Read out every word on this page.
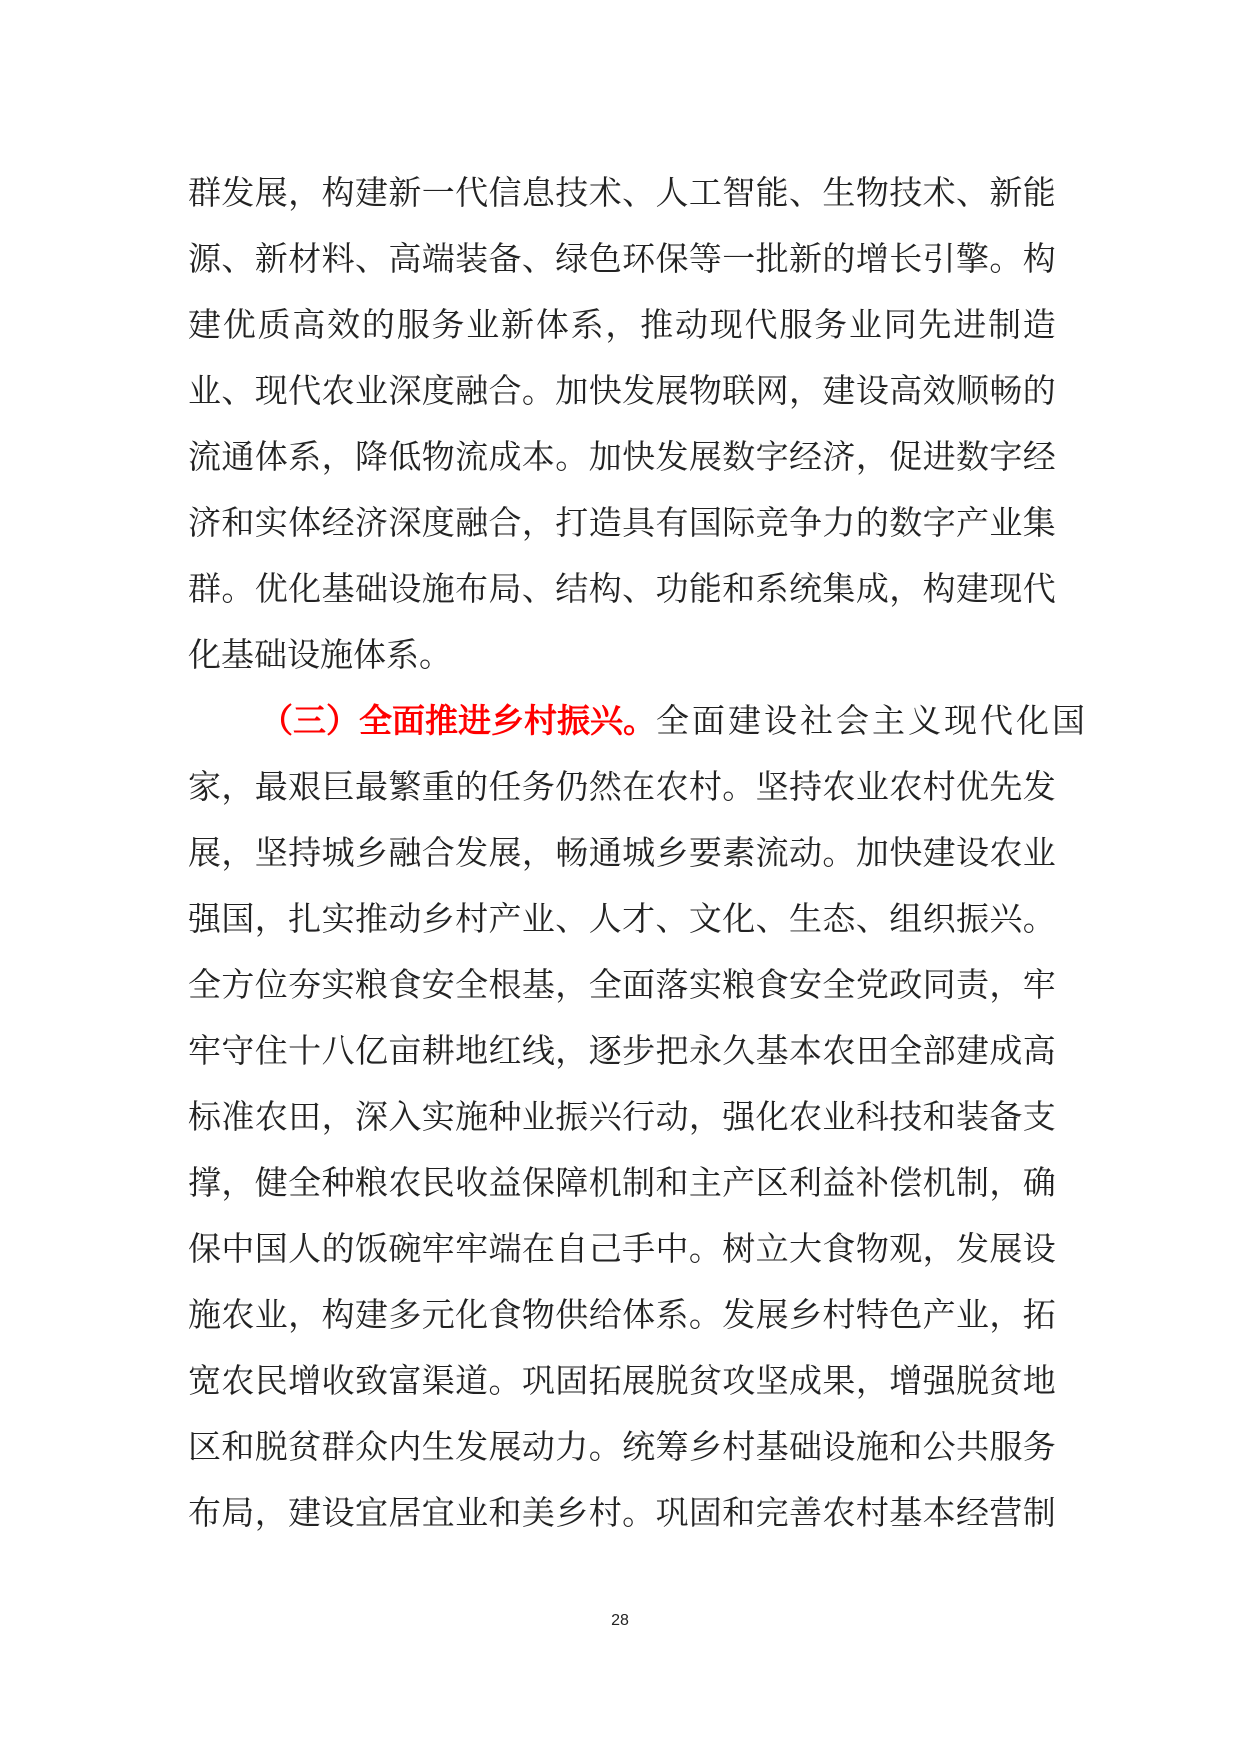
群 发 展 ， 构 建 新 一 代 信 息 技 术 、 人 工 智 能 、 生 物 技 术 、 新 能
源 、 新 材 料 、 高 端 装 备 、 绿 色 环 保 等 一 批 新 的 增 长 引 擎 。 构
建 优 质 高 效 的 服 务 业 新 体 系 ， 推 动 现 代 服 务 业 同 先 进 制 造
业 、 现 代 农 业 深 度 融 合 。 加 快 发 展 物 联 网 ， 建 设 高 效 顺 畅 的
流 通 体 系 ， 降 低 物 流 成 本 。 加 快 发 展 数 字 经 济 ， 促 进 数 字 经
济 和 实 体 经 济 深 度 融 合 ， 打 造 具 有 国 际 竞 争 力 的 数 字 产 业 集
群 。 优 化 基 础 设 施 布 局 、 结 构 、 功 能 和 系 统 集 成 ， 构 建 现 代
化基础设施体系。
（三）全面推进乡村振兴。 全面建设社会主义现代化国
家 ， 最 艰 巨 最 繁 重 的 任 务 仍 然 在 农 村 。 坚 持 农 业 农 村 优 先 发
展 ， 坚 持 城 乡 融 合 发 展 ， 畅 通 城 乡 要 素 流 动 。 加 快 建 设 农 业
强 国 ， 扎 实 推 动 乡 村 产 业 、 人 才 、 文 化 、 生 态 、 组 织 振 兴 。
全 方 位 夯 实 粮 食 安 全 根 基 ， 全 面 落 实 粮 食 安 全 党 政 同 责 ， 牢
牢 守 住 十 八 亿 亩 耕 地 红 线 ， 逐 步 把 永 久 基 本 农 田 全 部 建 成 高
标 准 农 田 ， 深 入 实 施 种 业 振 兴 行 动 ， 强 化 农 业 科 技 和 装 备 支
撑 ， 健 全 种 粮 农 民 收 益 保 障 机 制 和 主 产 区 利 益 补 偿 机 制 ， 确
保 中 国 人 的 饭 碗 牢 牢 端 在 自 己 手 中 。 树 立 大 食 物 观 ， 发 展 设
施 农 业 ， 构 建 多 元 化 食 物 供 给 体 系 。 发 展 乡 村 特 色 产 业 ， 拓
宽 农 民 增 收 致 富 渠 道 。 巩 固 拓 展 脱 贫 攻 坚 成 果 ， 增 强 脱 贫 地
区 和 脱 贫 群 众 内 生 发 展 动 力 。 统 筹 乡 村 基 础 设 施 和 公 共 服 务
布 局 ， 建 设 宜 居 宜 业 和 美 乡 村 。 巩 固 和 完 善 农 村 基 本 经 营 制
28
